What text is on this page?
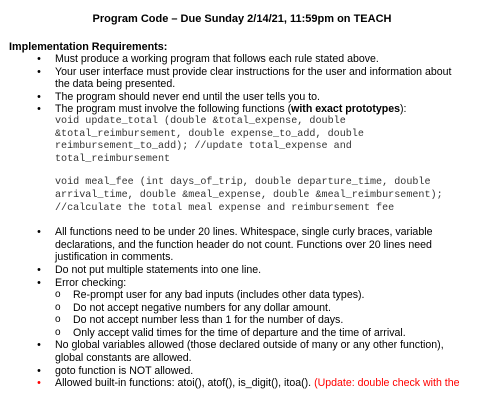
Program Code – Due Sunday 2/14/21, 11:59pm on TEACH
Implementation Requirements:
• Must produce a working program that follows each rule stated above.
• Your user interface must provide clear instructions for the user and information about
the data being presented.
• The program should never end until the user tells you to.
• The program must involve the following functions (with exact prototypes):
void update_total (double &total_expense, double
&total_reimbursement, double expense_to_add, double
reimbursement_to_add); //update total_expense and
total_reimbursement
void meal_fee (int days_of_trip, double departure_time, double
arrival_time, double &meal_expense, double &meal_reimbursement);
//calculate the total meal expense and reimbursement fee
• All functions need to be under 20 lines. Whitespace, single curly braces, variable
declarations, and the function header do not count. Functions over 20 lines need
justification in comments.
• Do not put multiple statements into one line.
• Error checking:
o Re-prompt user for any bad inputs (includes other data types).
o Do not accept negative numbers for any dollar amount.
o Do not accept number less than 1 for the number of days.
o Only accept valid times for the time of departure and the time of arrival.
• No global variables allowed (those declared outside of many or any other function),
global constants are allowed.
• goto function is NOT allowed.
• Allowed built-in functions: atoi(), atof(), is_digit(), itoa(). (Update: double check with the
